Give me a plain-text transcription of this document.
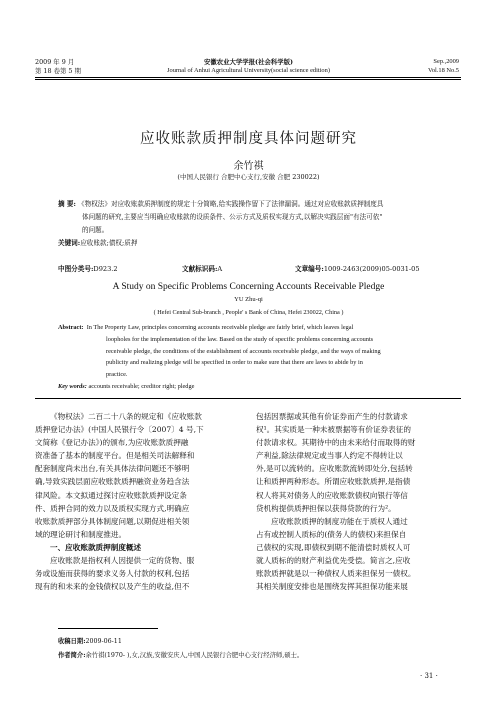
2009 年 9 月
第 18 卷第 5 期
安徽农业大学学报(社会科学版)
Journal of Anhui Agricultural University(social science edition)
Sep.,2009
Vol.18 No.5
应收账款质押制度具体问题研究
余竹祺
(中国人民银行 合肥中心支行,安徽 合肥 230022)
摘 要: 《物权法》对应收账款质押制度的规定十分简略,给实践操作留下了法律漏洞。通过对应收账款质押制度具
体问题的研究,主要应当明确应收账款的设质条件、公示方式及质权实现方式,以解决实践层面"有法可依"
的问题。
关键词:应收账款;债权;质押
中图分类号:D923.2	文献标识码:A	文章编号:1009-2463(2009)05-0031-05
A Study on Specific Problems Concerning Accounts Receivable Pledge
YU Zhu-qi
( Hefei Central Sub-branch , People' s Bank of China, Hefei 230022, China )
Abstract: In The Property Law, principles concerning accounts receivable pledge are fairly brief, which leaves legal
loopholes for the implementation of the law. Based on the study of specific problems concerning accounts
receivable pledge, the conditions of the establishment of accounts receivable pledge, and the ways of making
publicity and realizing pledge will be specified in order to make sure that there are laws to abide by in
practice.
Key words: accounts receivable; creditor right; pledge

《物权法》二百二十八条的规定和《应收账款

质押登记办法》(中国人民银行令〔2007〕4 号,下

文简称《登记办法》)的颁布,为应收账款质押融

资准备了基本的制度平台。但是相关司法解释和

配套制度尚未出台,有关具体法律问题还不够明

确,导致实践层面应收账款质押融资业务趋含法

律风险。本文拟通过探讨应收账款质押设定条

件、质押合同的效力以及质权实现方式,明确应

收账款质押部分具体制度问题,以期促进相关领

域的理论研讨和制度推进。

一、应收账款质押制度概述

应收账款是指权利人因提供一定的货物、服

务或设施而获得的要求义务人付款的权利,包括

现有的和未来的金钱债权以及产生的收益,但不

包括因票据或其他有价证券而产生的付款请求

权¹。其实质是一种未被票据等有价证券表征的

付款请求权。其期待中的由未来给付而取得的财

产利益,除法律规定或当事人约定不得转让以

外,是可以流转的。应收账款流转即处分,包括转

让和质押两种形态。所谓应收账款质押,是指债

权人将其对债务人的应收账款债权向银行等信

贷机构提供质押担保以获得贷款的行为²。

应收账款质押的制度功能在于质权人通过

占有或控制人质标的(债务人的债权)来担保自

己债权的实现,即债权到期不能清偿时质权人可

就人质标的的财产利益优先受偿。简言之,应收

账款质押就是以一种债权人质来担保另一债权。

其相关制度安排也是围绕发挥其担保功能来展

收稿日期:2009-06-11
作者简介:余竹祺(1970- ),女,汉族,安徽安庆人,中国人民银行合肥中心支行经济师,硕士。
· 31 ·
